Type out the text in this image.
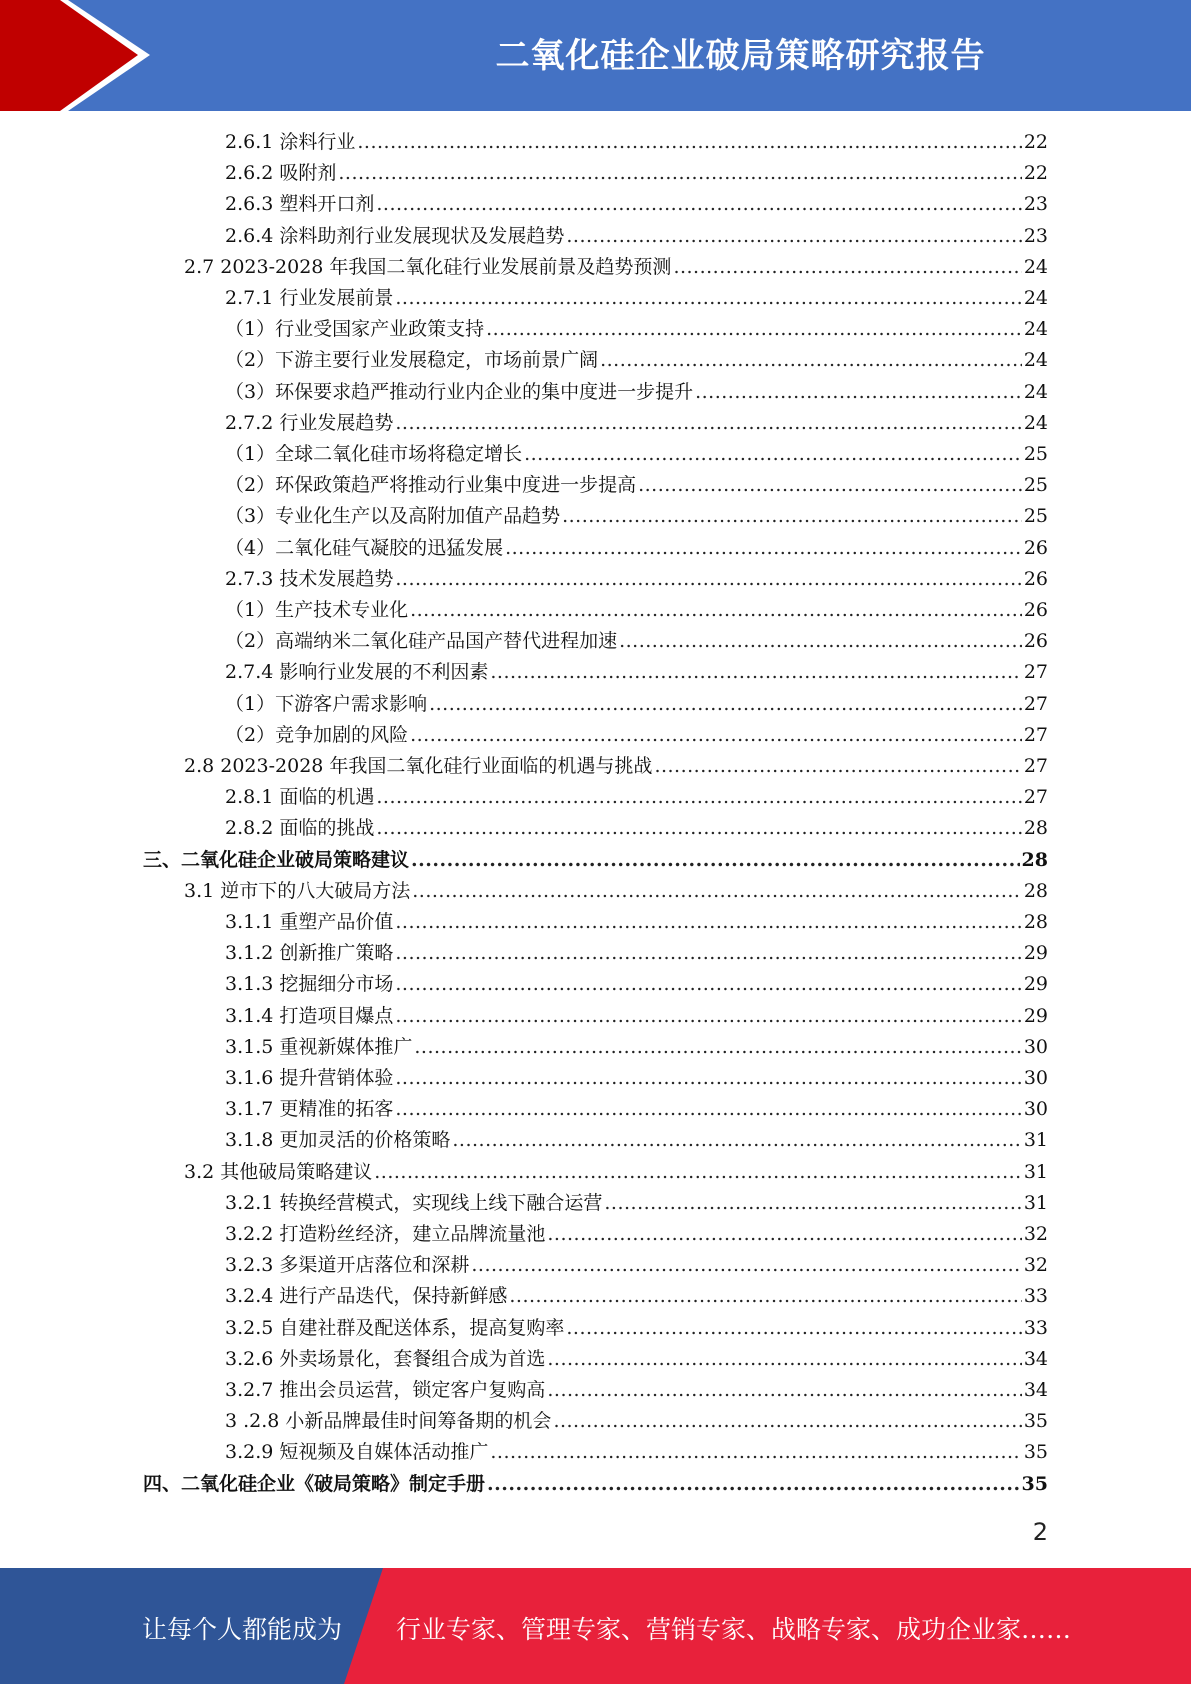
二氧化硅企业破局策略研究报告
2.6.1 涂料行业 .....	22
2.6.2 吸附剂 .....	22
2.6.3 塑料开口剂 .....	23
2.6.4 涂料助剂行业发展现状及发展趋势 .....	23
2.7 2023-2028 年我国二氧化硅行业发展前景及趋势预测 .....	24
2.7.1 行业发展前景 .....	24
（1）行业受国家产业政策支持 .....	24
（2）下游主要行业发展稳定，市场前景广阔 .....	24
（3）环保要求趋严推动行业内企业的集中度进一步提升 .....	24
2.7.2 行业发展趋势 .....	24
（1）全球二氧化硅市场将稳定增长 .....	25
（2）环保政策趋严将推动行业集中度进一步提高 .....	25
（3）专业化生产以及高附加值产品趋势 .....	25
（4）二氧化硅气凝胶的迅猛发展 .....	26
2.7.3 技术发展趋势 .....	26
（1）生产技术专业化 .....	26
（2）高端纳米二氧化硅产品国产替代进程加速 .....	26
2.7.4 影响行业发展的不利因素 .....	27
（1）下游客户需求影响 .....	27
（2）竞争加剧的风险 .....	27
2.8 2023-2028 年我国二氧化硅行业面临的机遇与挑战 .....	27
2.8.1 面临的机遇 .....	27
2.8.2 面临的挑战 .....	28
三、二氧化硅企业破局策略建议 .....	28
3.1 逆市下的八大破局方法 .....	28
3.1.1 重塑产品价值 .....	28
3.1.2 创新推广策略 .....	29
3.1.3 挖掘细分市场 .....	29
3.1.4 打造项目爆点 .....	29
3.1.5 重视新媒体推广 .....	30
3.1.6 提升营销体验 .....	30
3.1.7 更精准的拓客 .....	30
3.1.8 更加灵活的价格策略 .....	31
3.2 其他破局策略建议 .....	31
3.2.1 转换经营模式，实现线上线下融合运营 .....	31
3.2.2 打造粉丝经济，建立品牌流量池 .....	32
3.2.3 多渠道开店落位和深耕 .....	32
3.2.4 进行产品迭代，保持新鲜感 .....	33
3.2.5 自建社群及配送体系，提高复购率 .....	33
3.2.6 外卖场景化，套餐组合成为首选 .....	34
3.2.7 推出会员运营，锁定客户复购高 .....	34
3 .2.8 小新品牌最佳时间筹备期的机会 .....	35
3.2.9 短视频及自媒体活动推广 .....	35
四、二氧化硅企业《破局策略》制定手册 .....	35
2
让每个人都能成为 行业专家、管理专家、营销专家、战略专家、成功企业家……
